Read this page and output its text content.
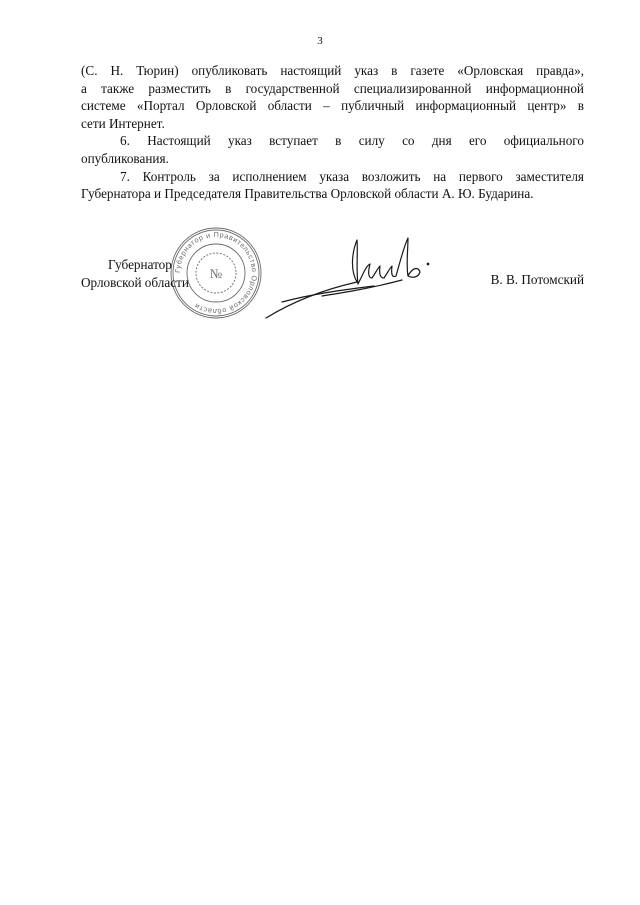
3

(С. Н. Тюрин) опубликовать настоящий указ в газете «Орловская правда»,

а также разместить в государственной специализированной информационной

системе «Портал Орловской области – публичный информационный центр» в

сети Интернет.

6. Настоящий указ вступает в силу со дня его официального

опубликования.

7. Контроль за исполнением указа возложить на первого заместителя

Губернатора и Председателя Правительства Орловской области А. Ю. Бударина.

Губернатор и Правительство Орловской области
№
Губернатор
Орловской области	В. В. Потомский
